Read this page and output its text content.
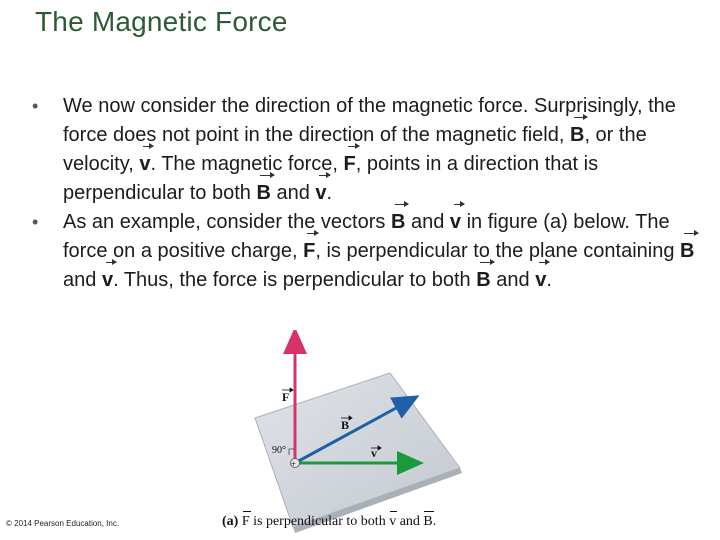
The Magnetic Force
• We now consider the direction of the magnetic force. Surprisingly, the force does not point in the direction of the magnetic field, B, or the velocity, v. The magnetic force, F, points in a direction that is perpendicular to both B and v.
• As an example, consider the vectors B and v in figure (a) below. The force on a positive charge, F, is perpendicular to the plane containing B and v. Thus, the force is perpendicular to both B and v.
+
F
B
v
90°
© 2014 Pearson Education, Inc.	(a) F is perpendicular to both v and B.
